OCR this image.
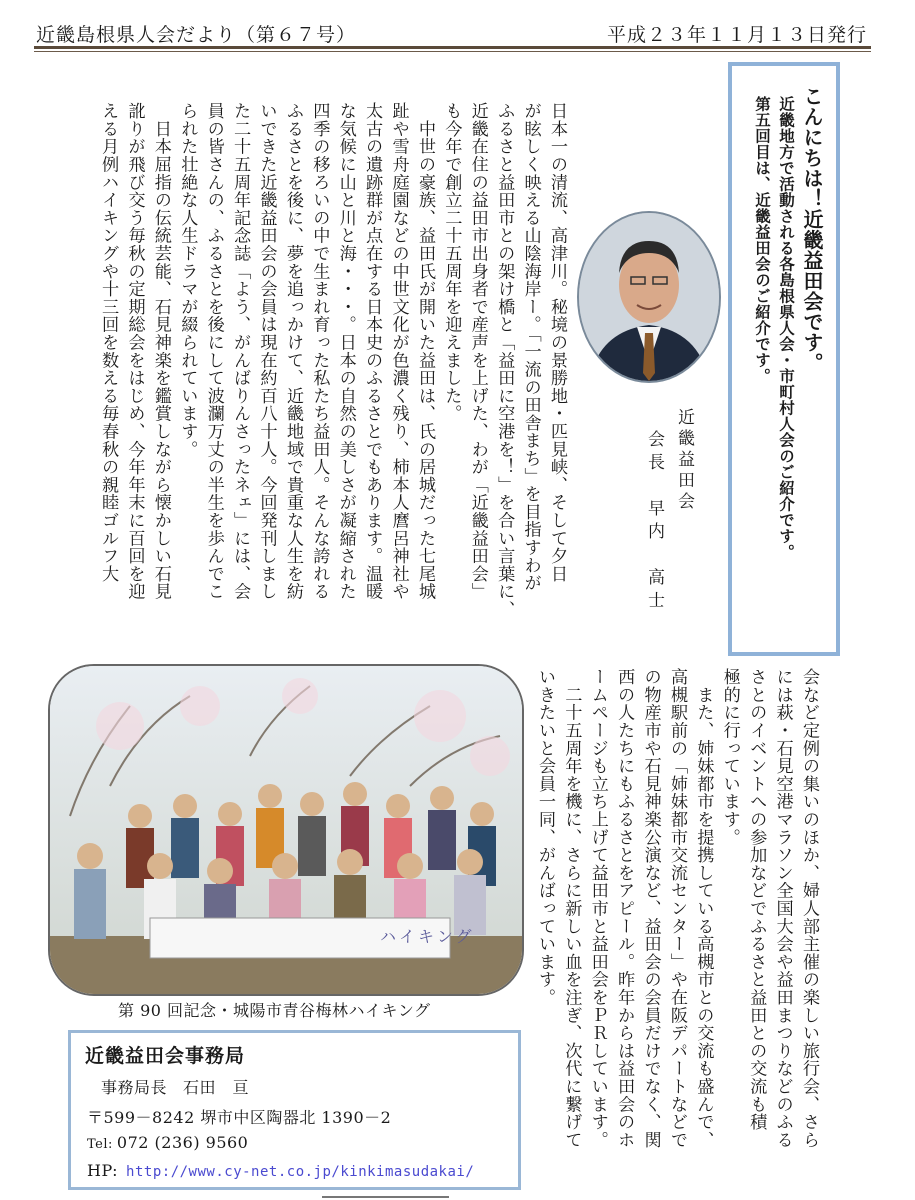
近畿島根県人会だより（第６７号）	平成２３年１１月１３日発行
こんにちは！近畿益田会です。
近畿地方で活動される各島根県人会・市町村人会のご紹介です。
第五回目は、近畿益田会のご紹介です。
近畿益田会
会長　早内　高士
日本一の清流、高津川。秘境の景勝地・匹見峡、そして夕日
が眩しく映える山陰海岸ー。「一流の田舎まち」を目指すわが
ふるさと益田市との架け橋と「益田に空港を！」を合い言葉に、
近畿在住の益田市出身者で産声を上げた、わが「近畿益田会」
も今年で創立二十五周年を迎えました。
　中世の豪族、益田氏が開いた益田は、氏の居城だった七尾城
趾や雪舟庭園などの中世文化が色濃く残り、柿本人麿呂神社や
太古の遺跡群が点在する日本史のふるさとでもあります。温暖
な気候に山と川と海・・・。日本の自然の美しさが凝縮された
四季の移ろいの中で生まれ育った私たち益田人。そんな誇れる
ふるさとを後に、夢を追っかけて、近畿地域で貴重な人生を紡
いできた近畿益田会の会員は現在約百八十人。今回発刊しまし
た二十五周年記念誌「よう、がんばりんさったネェ」には、会
員の皆さんの、ふるさとを後にして波瀾万丈の半生を歩んでこ
られた壮絶な人生ドラマが綴られています。
　日本屈指の伝統芸能、石見神楽を鑑賞しながら懐かしい石見
訛りが飛び交う毎秋の定期総会をはじめ、今年年末に百回を迎
える月例ハイキングや十三回を数える毎春秋の親睦ゴルフ大
会など定例の集いのほか、婦人部主催の楽しい旅行会、さら
には萩・石見空港マラソン全国大会や益田まつりなどのふる
さとのイベントへの参加などでふるさと益田との交流も積
極的に行っています。
　また、姉妹都市を提携している高槻市との交流も盛んで、
高槻駅前の「姉妹都市交流センター」や在阪デパートなどで
の物産市や石見神楽公演など、益田会の会員だけでなく、関
西の人たちにもふるさとをアピール。昨年からは益田会のホ
ームページも立ち上げて益田市と益田会をＰＲしています。
　二十五周年を機に、さらに新しい血を注ぎ、次代に繋げて
いきたいと会員一同、がんばっています。
ハイキング
第 90 回記念・城陽市青谷梅林ハイキング
近畿益田会事務局
事務局長 石田　亘
〒599－8242 堺市中区陶器北 1390－2
Tel: 072 (236) 9560
HP: http://www.cy-net.co.jp/kinkimasudakai/
